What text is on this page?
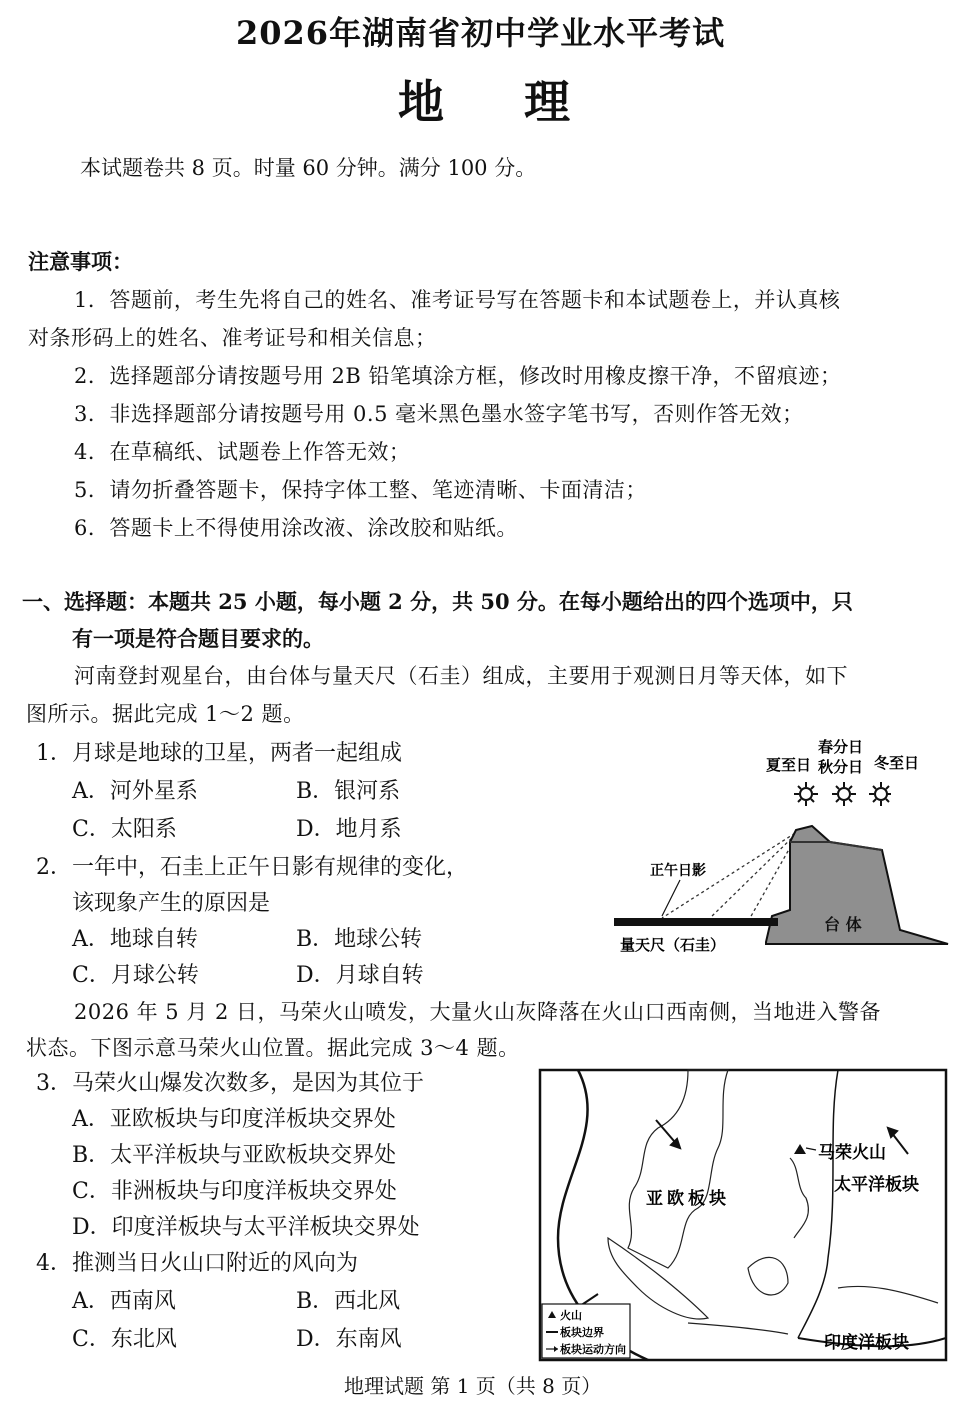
2026年湖南省初中学业水平考试
地理
本试题卷共 8 页。时量 60 分钟。满分 100 分。
注意事项：
1．答题前，考生先将自己的姓名、准考证号写在答题卡和本试题卷上，并认真核
对条形码上的姓名、准考证号和相关信息；
2．选择题部分请按题号用 2B 铅笔填涂方框，修改时用橡皮擦干净，不留痕迹；
3．非选择题部分请按题号用 0.5 毫米黑色墨水签字笔书写，否则作答无效；
4．在草稿纸、试题卷上作答无效；
5．请勿折叠答题卡，保持字体工整、笔迹清晰、卡面清洁；
6．答题卡上不得使用涂改液、涂改胶和贴纸。
一、选择题：本题共 25 小题，每小题 2 分，共 50 分。在每小题给出的四个选项中，只
有一项是符合题目要求的。
河南登封观星台，由台体与量天尺（石圭）组成，主要用于观测日月等天体，如下
图所示。据此完成 1～2 题。
1．月球是地球的卫星，两者一起组成
A．河外星系	B．银河系
C．太阳系	D．地月系
2．一年中，石圭上正午日影有规律的变化，
该现象产生的原因是
A．地球自转	B．地球公转
C．月球公转	D．月球自转
夏至日
春分日
秋分日 冬至日
台 体
正午日影
量天尺（石圭）
2026 年 5 月 2 日，马荣火山喷发，大量火山灰降落在火山口西南侧，当地进入警备
状态。下图示意马荣火山位置。据此完成 3～4 题。
3．马荣火山爆发次数多，是因为其位于
A．亚欧板块与印度洋板块交界处
B．太平洋板块与亚欧板块交界处
C．非洲板块与印度洋板块交界处
D．印度洋板块与太平洋板块交界处
4．推测当日火山口附近的风向为
A．西南风	B．西北风
C．东北风	D．东南风
马荣火山
太平洋板块
亚欧板块
印度洋板块
火山
板块边界
板块运动方向
地理试题 第 1 页（共 8 页）
